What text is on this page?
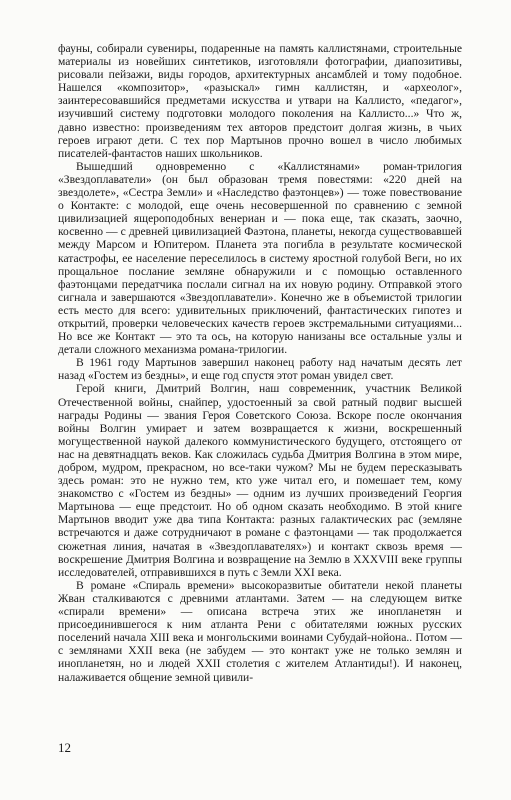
фауны, собирали сувениры, подаренные на память каллистянами, строительные материалы из новейших синтетиков, изготовляли фотографии, диапозитивы, рисовали пейзажи, виды городов, архитектурных ансамблей и тому подобное. Нашелся «композитор», «разыскал» гимн каллистян, и «археолог», заинтересовавшийся предметами искусства и утвари на Каллисто, «педагог», изучивший систему подготовки молодого поколения на Каллисто...» Что ж, давно известно: произведениям тех авторов предстоит долгая жизнь, в чьих героев играют дети. С тех пор Мартынов прочно вошел в число любимых писателей-фантастов наших школьников.

Вышедший одновременно с «Каллистянами» роман-трилогия «Звездоплаватели» (он был образован тремя повестями: «220 дней на звездолете», «Сестра Земли» и «Наследство фаэтонцев») — тоже повествование о Контакте: с молодой, еще очень несовершенной по сравнению с земной цивилизацией ящероподобных венериан и — пока еще, так сказать, заочно, косвенно — с древней цивилизацией Фаэтона, планеты, некогда существовавшей между Марсом и Юпитером. Планета эта погибла в результате космической катастрофы, ее население переселилось в систему яростной голубой Веги, но их прощальное послание земляне обнаружили и с помощью оставленного фаэтонцами передатчика послали сигнал на их новую родину. Отправкой этого сигнала и завершаются «Звездоплаватели». Конечно же в объемистой трилогии есть место для всего: удивительных приключений, фантастических гипотез и открытий, проверки человеческих качеств героев экстремальными ситуациями... Но все же Контакт — это та ось, на которую нанизаны все остальные узлы и детали сложного механизма романа-трилогии.

В 1961 году Мартынов завершил наконец работу над начатым десять лет назад «Гостем из бездны», и еще год спустя этот роман увидел свет.

Герой книги, Дмитрий Волгин, наш современник, участник Великой Отечественной войны, снайпер, удостоенный за свой ратный подвиг высшей награды Родины — звания Героя Советского Союза. Вскоре после окончания войны Волгин умирает и затем возвращается к жизни, воскрешенный могущественной наукой далекого коммунистического будущего, отстоящего от нас на девятнадцать веков. Как сложилась судьба Дмитрия Волгина в этом мире, добром, мудром, прекрасном, но все-таки чужом? Мы не будем пересказывать здесь роман: это не нужно тем, кто уже читал его, и помешает тем, кому знакомство с «Гостем из бездны» — одним из лучших произведений Георгия Мартынова — еще предстоит. Но об одном сказать необходимо. В этой книге Мартынов вводит уже два типа Контакта: разных галактических рас (земляне встречаются и даже сотрудничают в романе с фаэтонцами — так продолжается сюжетная линия, начатая в «Звездоплавателях») и контакт сквозь время — воскрешение Дмитрия Волгина и возвращение на Землю в XXXVIII веке группы исследователей, отправившихся в путь с Земли XXI века.

В романе «Спираль времени» высокоразвитые обитатели некой планеты Жван сталкиваются с древними атлантами. Затем — на следующем витке «спирали времени» — описана встреча этих же инопланетян и присоединившегося к ним атланта Рени с обитателями южных русских поселений начала XIII века и монгольскими воинами Субудай-нойона.. Потом — с землянами XXII века (не забудем — это контакт уже не только землян и инопланетян, но и людей XXII столетия с жителем Атлантиды!). И наконец, налаживается общение земной цивили-

12
